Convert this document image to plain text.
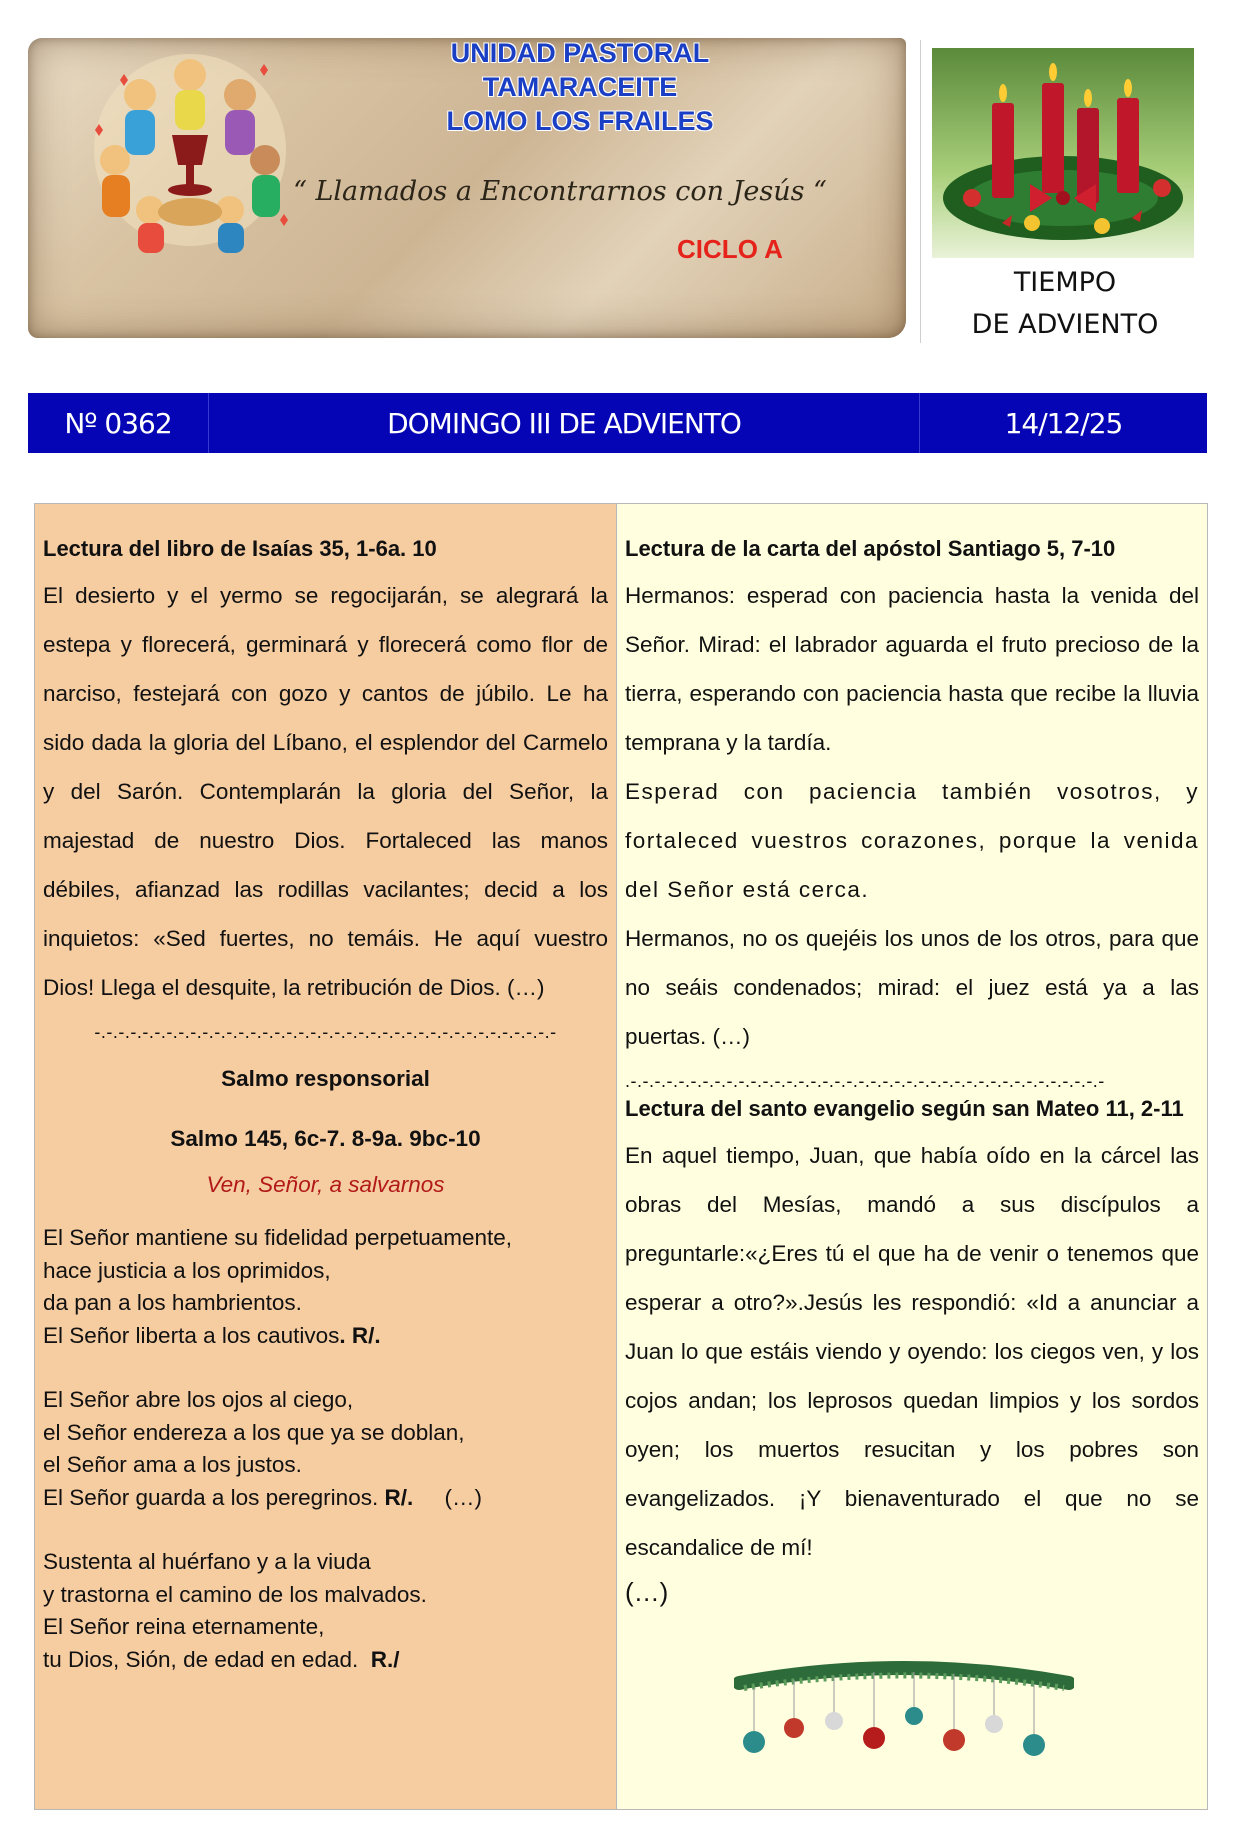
UNIDAD PASTORAL
TAMARACEITE
LOMO LOS FRAILES
“ Llamados a Encontrarnos con Jesús “
CICLO A
TIEMPO
DE ADVIENTO
Nº 0362	DOMINGO III DE ADVIENTO	14/12/25
Lectura del libro de Isaías 35, 1-6a. 10
El desierto y el yermo se regocijarán, se alegrará la estepa y florecerá, germinará y florecerá como flor de narciso, festejará con gozo y cantos de júbilo. Le ha sido dada la gloria del Líbano, el esplendor del Carmelo y del Sarón. Contemplarán la gloria del Señor, la majestad de nuestro Dios. Fortaleced las manos débiles, afianzad las rodillas vacilantes; decid a los inquietos: «Sed fuertes, no temáis. He aquí vuestro Dios! Llega el desquite, la retribución de Dios. (…)
-.-.-.-.-.-.-.-.-.-.-.-.-.-.-.-.-.-.-.-.-.-.-.-.-.-.-.-.-.-.-.-.-.-.-.-.-.-.-
Salmo responsorial
Salmo 145, 6c-7. 8-9a. 9bc-10
Ven, Señor, a salvarnos
El Señor mantiene su fidelidad perpetuamente,
hace justicia a los oprimidos,
da pan a los hambrientos.
El Señor liberta a los cautivos. R/.
El Señor abre los ojos al ciego,
el Señor endereza a los que ya se doblan,
el Señor ama a los justos.
El Señor guarda a los peregrinos. R/.     (…)
Sustenta al huérfano y a la viuda
y trastorna el camino de los malvados.
El Señor reina eternamente,
tu Dios, Sión, de edad en edad.  R./
Lectura de la carta del apóstol Santiago 5, 7-10

Hermanos: esperad con paciencia hasta la venida del Señor. Mirad: el labrador aguarda el fruto precioso de la tierra, esperando con paciencia hasta que recibe la lluvia temprana y la tardía.

Esperad con paciencia también vosotros, y fortaleced vuestros corazones, porque la venida del Señor está cerca.

Hermanos, no os quejéis los unos de los otros, para que no seáis condenados; mirad: el juez está ya a las puertas. (…)

.-.-.-.-.-.-.-.-.-.-.-.-.-.-.-.-.-.-.-.-.-.-.-.-.-.-.-.-.-.-.-.-.-.-.-.-.-.-.-.-
Lectura del santo evangelio según san Mateo 11, 2-11
En aquel tiempo, Juan, que había oído en la cárcel las obras del Mesías, mandó a sus discípulos a preguntarle:«¿Eres tú el que ha de venir o tenemos que esperar a otro?».Jesús les respondió: «Id a anunciar a Juan lo que estáis viendo y oyendo: los ciegos ven, y los cojos andan; los leprosos quedan limpios y los sordos oyen; los muertos resucitan y los pobres son evangelizados. ¡Y bienaventurado el que no se escandalice de mí!
(…)
